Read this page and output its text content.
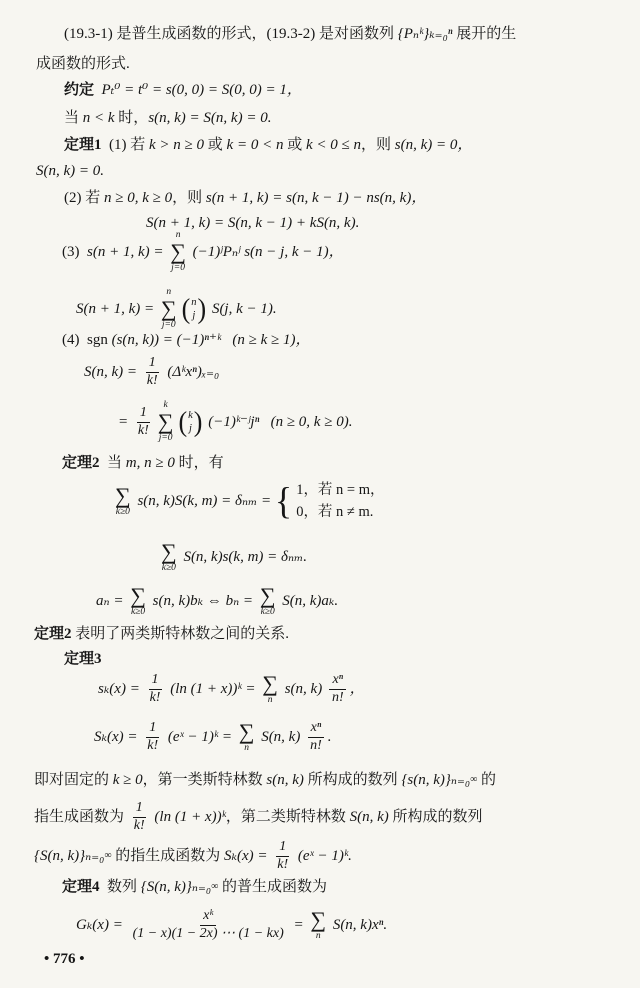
(19.3-1) 是普生成函数的形式，(19.3-2) 是对函数列 {Pₙᵏ}ₖ₌₀ⁿ 展开的生
成函数的形式.
约定 Pₜ⁰ = t⁰ = s(0, 0) = S(0, 0) = 1，
当 n < k 时， s(n, k) = S(n, k) = 0.
定理1 (1) 若 k > n ≥ 0 或 k = 0 < n 或 k < 0 ≤ n ，则 s(n, k) = 0，
S(n, k) = 0.
(2) 若 n ≥ 0, k ≥ 0 ，则 s(n + 1, k) = s(n, k − 1) − ns(n, k)，
S(n + 1, k) = S(n, k − 1) + kS(n, k).
(3) s(n + 1, k) =
n
∑
j=0
(−1)ʲPₙʲ s(n − j, k − 1)，
S(n + 1, k) =
n
∑
j=0
( n
j ) S(j, k − 1).
(4)  sgn (s(n, k)) = (−1)ⁿ⁺ᵏ   (n ≥ k ≥ 1)，
S(n, $k) = \frac{1}{k!}$ (Δᵏxⁿ)ₓ₌₀
= $\frac{1}{k!}$ k
∑
j=0
( k
j ) (−1)ᵏ⁻ʲjⁿ   (n ≥ 0, k ≥ 0).
定理2 当 m, n ≥ 0 时，有
∑
k≥0
s(n, k)S(k, m) = δₙₘ = { 1，若 n = m，
0，若 n ≠ m.
∑
k≥0
S(n, k)s(k, m) = δₙₘ.
aₙ = ∑
k≥0
s(n, k)bₖ ⇔ bₙ = ∑
k≥0
S(n, k)aₖ.
定理2 表明了两类斯特林数之间的关系.
定理3
$s_k(x) = \frac{1}{k!} (\ln$ (1 + x))ᵏ = ∑
n
s(n, $k) \frac{\text{xⁿ}}{n!}$ ，
$S_k(x) = \frac{1}{k!}$ (eˣ − 1)ᵏ = ∑
n
S(n, $k) \frac{\text{xⁿ}}{n!}$ .
即对固定的 k ≥ 0 ，第一类斯特林数 s(n, k) 所构成的数列 {s(n, k)}ₙ₌₀ ∞ 的
指生成函数为 $\frac{1}{k!} (\ln$ (1 + x))ᵏ ，第二类斯特林数 S(n, k) 所构成的数列
{S(n, k)}ₙ₌₀ ∞ 的指生成函数为 $S_k(x) = \frac{1}{k!}$ (eˣ − 1)ᵏ.
定理4 数列 {S(n, k)}ₙ₌₀ ∞ 的普生成函数为
$G_k(x) = \frac{\text{xᵏ}}{(1 - x)(1 - 2x) \cdots (1 - kx)}$ = ∑
n
S(n, k)xⁿ.
• 776 •
